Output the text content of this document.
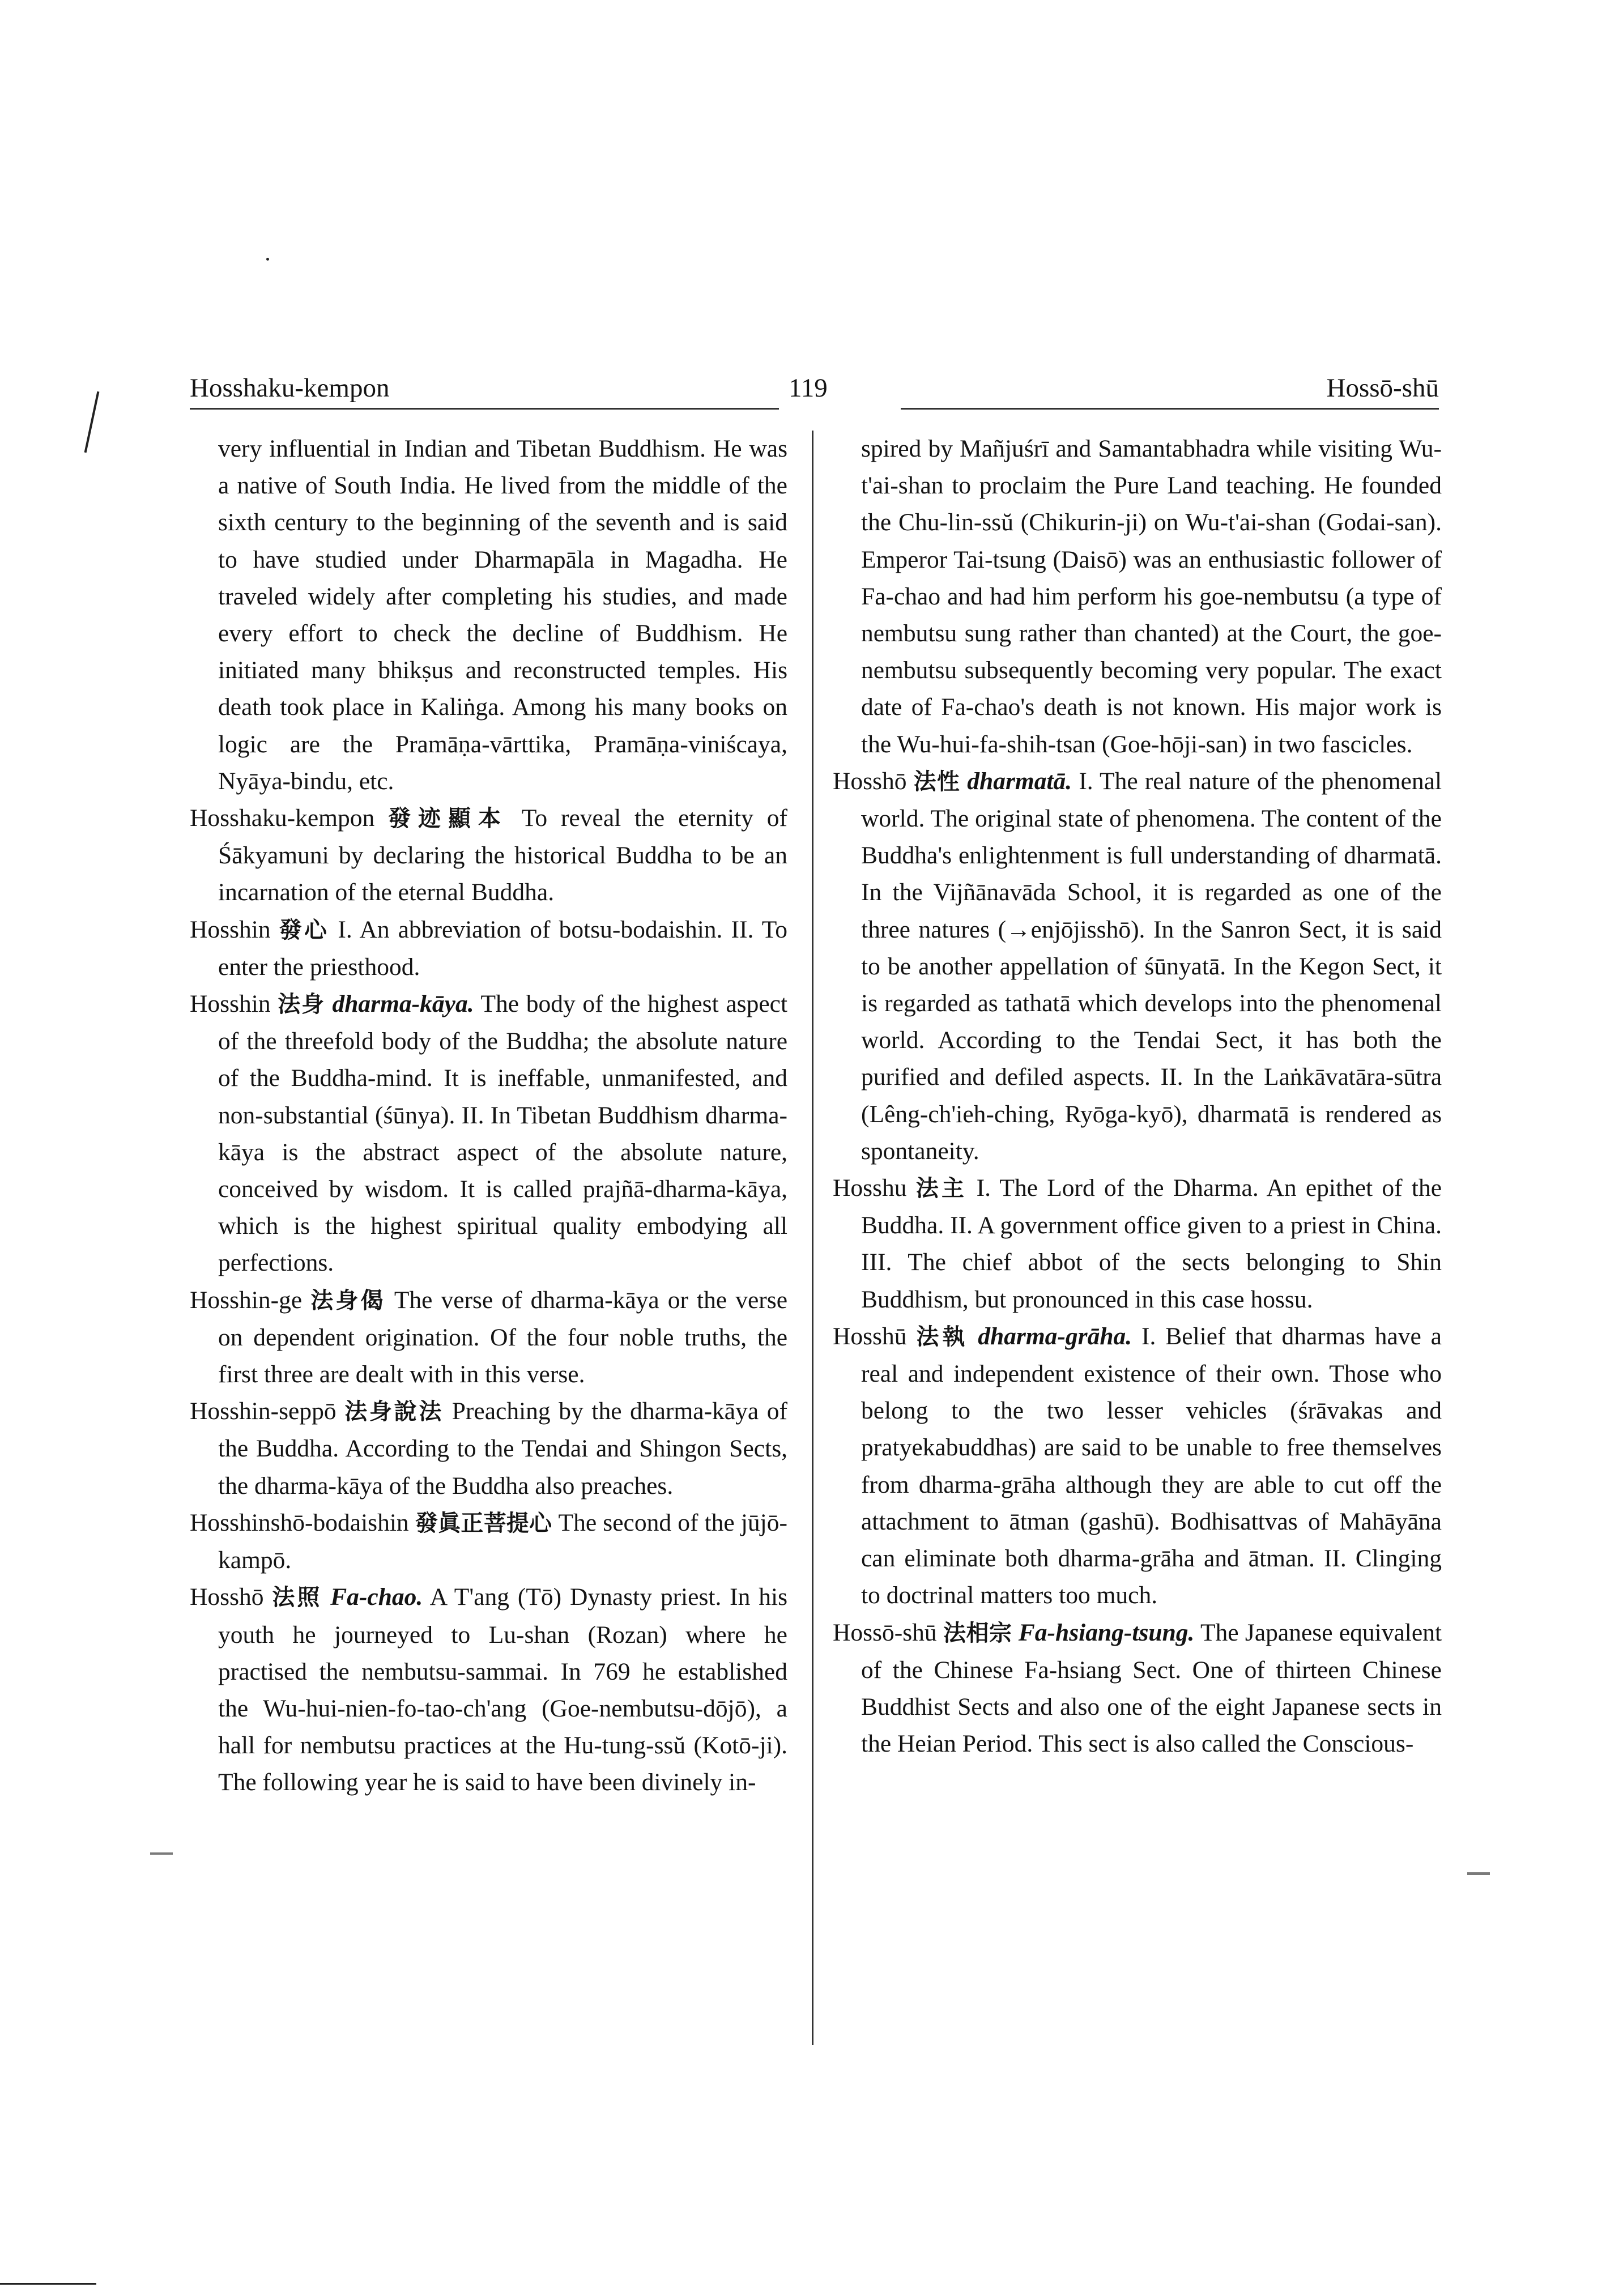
Hosshaku-kempon	119	Hossō-shū

very influential in Indian and Tibetan Buddhism. He was a native of South India. He lived from the middle of the sixth century to the beginning of the seventh and is said to have studied under Dharmapāla in Magadha. He traveled widely after completing his studies, and made every effort to check the decline of Buddhism. He initiated many bhikṣus and reconstructed temples. His death took place in Kaliṅga. Among his many books on logic are the Pramāṇa-vārttika, Pramāṇa-viniścaya, Nyāya-bindu, etc.

Hosshaku-kempon 發迹顯本 To reveal the eternity of Śākyamuni by declaring the historical Buddha to be an incarnation of the eternal Buddha.

Hosshin 發心 I. An abbreviation of botsu-bodaishin. II. To enter the priesthood.

Hosshin 法身 dharma-kāya. The body of the highest aspect of the threefold body of the Buddha; the absolute nature of the Buddha-mind. It is ineffable, unmanifested, and non-substantial (śūnya). II. In Tibetan Buddhism dharma-kāya is the abstract aspect of the absolute nature, conceived by wisdom. It is called prajñā-dharma-kāya, which is the highest spiritual quality embodying all perfections.

Hosshin-ge 法身偈 The verse of dharma-kāya or the verse on dependent origination. Of the four noble truths, the first three are dealt with in this verse.

Hosshin-seppō 法身說法 Preaching by the dharma-kāya of the Buddha. According to the Tendai and Shingon Sects, the dharma-kāya of the Buddha also preaches.

Hosshinshō-bodaishin 發眞正菩提心 The second of the jūjō-kampō.

Hosshō 法照 Fa-chao. A T'ang (Tō) Dynasty priest. In his youth he journeyed to Lu-shan (Rozan) where he practised the nembutsu-sammai. In 769 he established the Wu-hui-nien-fo-tao-ch'ang (Goe-nembutsu-dōjō), a hall for nembutsu practices at the Hu-tung-ssŭ (Kotō-ji). The following year he is said to have been divinely in-

spired by Mañjuśrī and Samantabhadra while visiting Wu-t'ai-shan to proclaim the Pure Land teaching. He founded the Chu-lin-ssŭ (Chikurin-ji) on Wu-t'ai-shan (Godai-san). Emperor Tai-tsung (Daisō) was an enthusiastic follower of Fa-chao and had him perform his goe-nembutsu (a type of nembutsu sung rather than chanted) at the Court, the goe-nembutsu subsequently becoming very popular. The exact date of Fa-chao's death is not known. His major work is the Wu-hui-fa-shih-tsan (Goe-hōji-san) in two fascicles.

Hosshō 法性 dharmatā. I. The real nature of the phenomenal world. The original state of phenomena. The content of the Buddha's enlightenment is full understanding of dharmatā. In the Vijñānavāda School, it is regarded as one of the three natures (→enjōjisshō). In the Sanron Sect, it is said to be another appellation of śūnyatā. In the Kegon Sect, it is regarded as tathatā which develops into the phenomenal world. According to the Tendai Sect, it has both the purified and defiled aspects. II. In the Laṅkāvatāra-sūtra (Lêng-ch'ieh-ching, Ryōga-kyō), dharmatā is rendered as spontaneity.

Hosshu 法主 I. The Lord of the Dharma. An epithet of the Buddha. II. A government office given to a priest in China. III. The chief abbot of the sects belonging to Shin Buddhism, but pronounced in this case hossu.

Hosshū 法執 dharma-grāha. I. Belief that dharmas have a real and independent existence of their own. Those who belong to the two lesser vehicles (śrāvakas and pratyekabuddhas) are said to be unable to free themselves from dharma-grāha although they are able to cut off the attachment to ātman (gashū). Bodhisattvas of Mahāyāna can eliminate both dharma-grāha and ātman. II. Clinging to doctrinal matters too much.

Hossō-shū 法相宗 Fa-hsiang-tsung. The Japanese equivalent of the Chinese Fa-hsiang Sect. One of thirteen Chinese Buddhist Sects and also one of the eight Japanese sects in the Heian Period. This sect is also called the Conscious-
